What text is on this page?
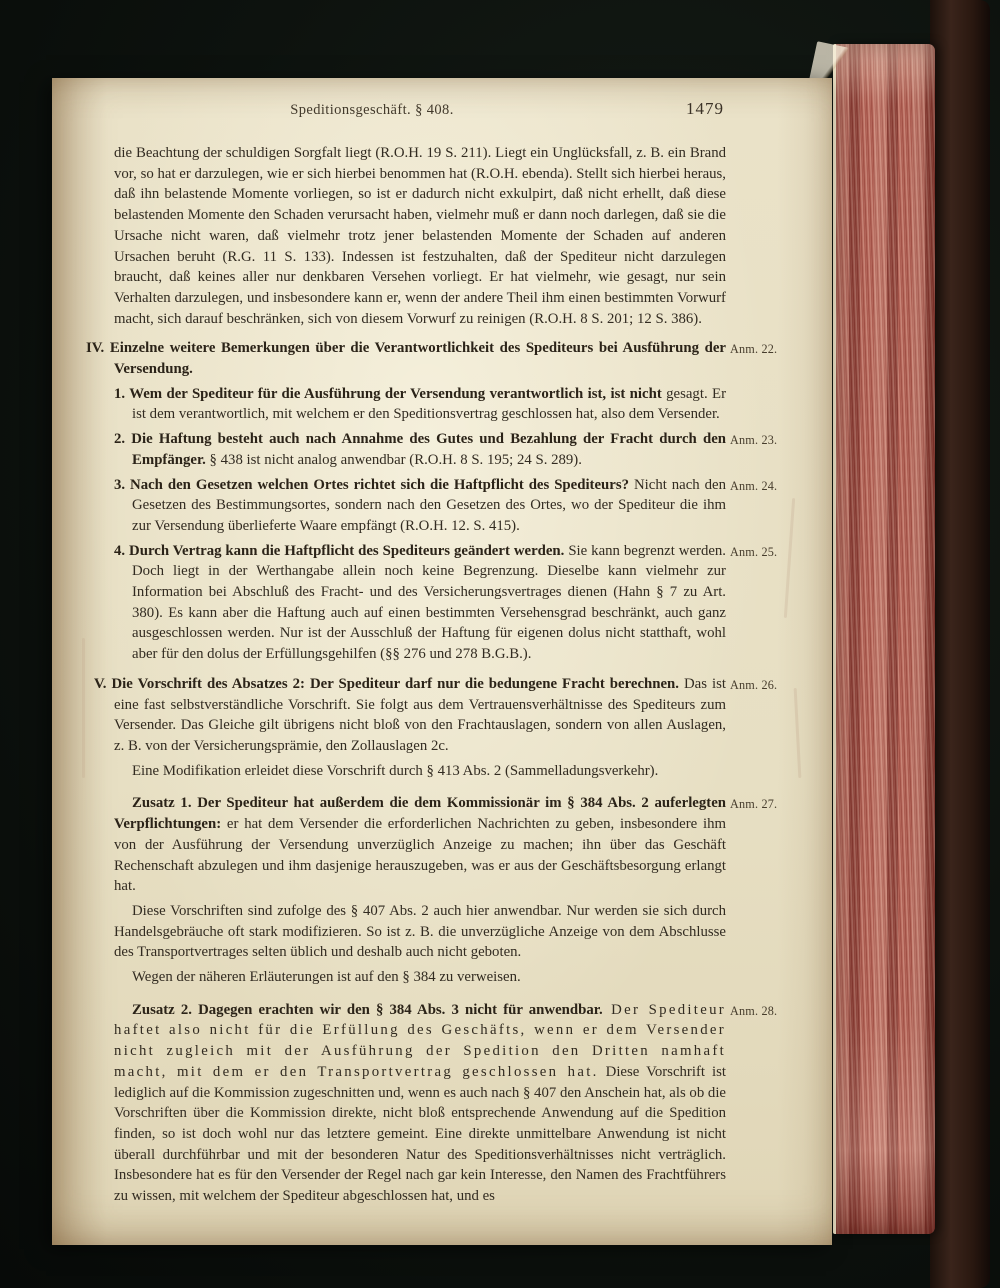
Speditionsgeschäft. § 408.	1479

die Beachtung der schuldigen Sorgfalt liegt (R.O.H. 19 S. 211). Liegt ein Unglücksfall, z. B. ein Brand vor, so hat er darzulegen, wie er sich hierbei benommen hat (R.O.H. ebenda). Stellt sich hierbei heraus, daß ihn belastende Momente vorliegen, so ist er dadurch nicht exkulpirt, daß nicht erhellt, daß diese belastenden Momente den Schaden verursacht haben, vielmehr muß er dann noch darlegen, daß sie die Ursache nicht waren, daß vielmehr trotz jener belastenden Momente der Schaden auf anderen Ursachen beruht (R.G. 11 S. 133). Indessen ist festzuhalten, daß der Spediteur nicht darzulegen braucht, daß keines aller nur denkbaren Versehen vorliegt. Er hat vielmehr, wie gesagt, nur sein Verhalten darzulegen, und insbesondere kann er, wenn der andere Theil ihm einen bestimmten Vorwurf macht, sich darauf beschränken, sich von diesem Vorwurf zu reinigen (R.O.H. 8 S. 201; 12 S. 386).

IV. Einzelne weitere Bemerkungen über die Verantwortlichkeit des Spediteurs bei Ausführung der Versendung.
Anm. 22.

1. Wem der Spediteur für die Ausführung der Versendung verantwortlich ist, ist nicht gesagt. Er ist dem verantwortlich, mit welchem er den Speditionsvertrag geschlossen hat, also dem Versender.

2. Die Haftung besteht auch nach Annahme des Gutes und Bezahlung der Fracht durch den Empfänger. § 438 ist nicht analog anwendbar (R.O.H. 8 S. 195; 24 S. 289).
Anm. 23.

3. Nach den Gesetzen welchen Ortes richtet sich die Haftpflicht des Spediteurs? Nicht nach den Gesetzen des Bestimmungsortes, sondern nach den Gesetzen des Ortes, wo der Spediteur die ihm zur Versendung überlieferte Waare empfängt (R.O.H. 12. S. 415).
Anm. 24.

4. Durch Vertrag kann die Haftpflicht des Spediteurs geändert werden. Sie kann begrenzt werden. Doch liegt in der Werthangabe allein noch keine Begrenzung. Dieselbe kann vielmehr zur Information bei Abschluß des Fracht- und des Versicherungsvertrages dienen (Hahn § 7 zu Art. 380). Es kann aber die Haftung auch auf einen bestimmten Versehensgrad beschränkt, auch ganz ausgeschlossen werden. Nur ist der Ausschluß der Haftung für eigenen dolus nicht statthaft, wohl aber für den dolus der Erfüllungsgehilfen (§§ 276 und 278 B.G.B.).
Anm. 25.

V. Die Vorschrift des Absatzes 2: Der Spediteur darf nur die bedungene Fracht berechnen. Das ist eine fast selbstverständliche Vorschrift. Sie folgt aus dem Vertrauensverhältnisse des Spediteurs zum Versender. Das Gleiche gilt übrigens nicht bloß von den Frachtauslagen, sondern von allen Auslagen, z. B. von der Versicherungsprämie, den Zollauslagen 2c.
Anm. 26.

Eine Modifikation erleidet diese Vorschrift durch § 413 Abs. 2 (Sammelladungsverkehr).

Zusatz 1. Der Spediteur hat außerdem die dem Kommissionär im § 384 Abs. 2 auferlegten Verpflichtungen: er hat dem Versender die erforderlichen Nachrichten zu geben, insbesondere ihm von der Ausführung der Versendung unverzüglich Anzeige zu machen; ihn über das Geschäft Rechenschaft abzulegen und ihm dasjenige herauszugeben, was er aus der Geschäftsbesorgung erlangt hat.
Anm. 27.

Diese Vorschriften sind zufolge des § 407 Abs. 2 auch hier anwendbar. Nur werden sie sich durch Handelsgebräuche oft stark modifizieren. So ist z. B. die unverzügliche Anzeige von dem Abschlusse des Transportvertrages selten üblich und deshalb auch nicht geboten.

Wegen der näheren Erläuterungen ist auf den § 384 zu verweisen.

Zusatz 2. Dagegen erachten wir den § 384 Abs. 3 nicht für anwendbar. Der Spediteur haftet also nicht für die Erfüllung des Geschäfts, wenn er dem Versender nicht zugleich mit der Ausführung der Spedition den Dritten namhaft macht, mit dem er den Transportvertrag geschlossen hat. Diese Vorschrift ist lediglich auf die Kommission zugeschnitten und, wenn es auch nach § 407 den Anschein hat, als ob die Vorschriften über die Kommission direkte, nicht bloß entsprechende Anwendung auf die Spedition finden, so ist doch wohl nur das letztere gemeint. Eine direkte unmittelbare Anwendung ist nicht überall durchführbar und mit der besonderen Natur des Speditionsverhältnisses nicht verträglich. Insbesondere hat es für den Versender der Regel nach gar kein Interesse, den Namen des Frachtführers zu wissen, mit welchem der Spediteur abgeschlossen hat, und es
Anm. 28.
